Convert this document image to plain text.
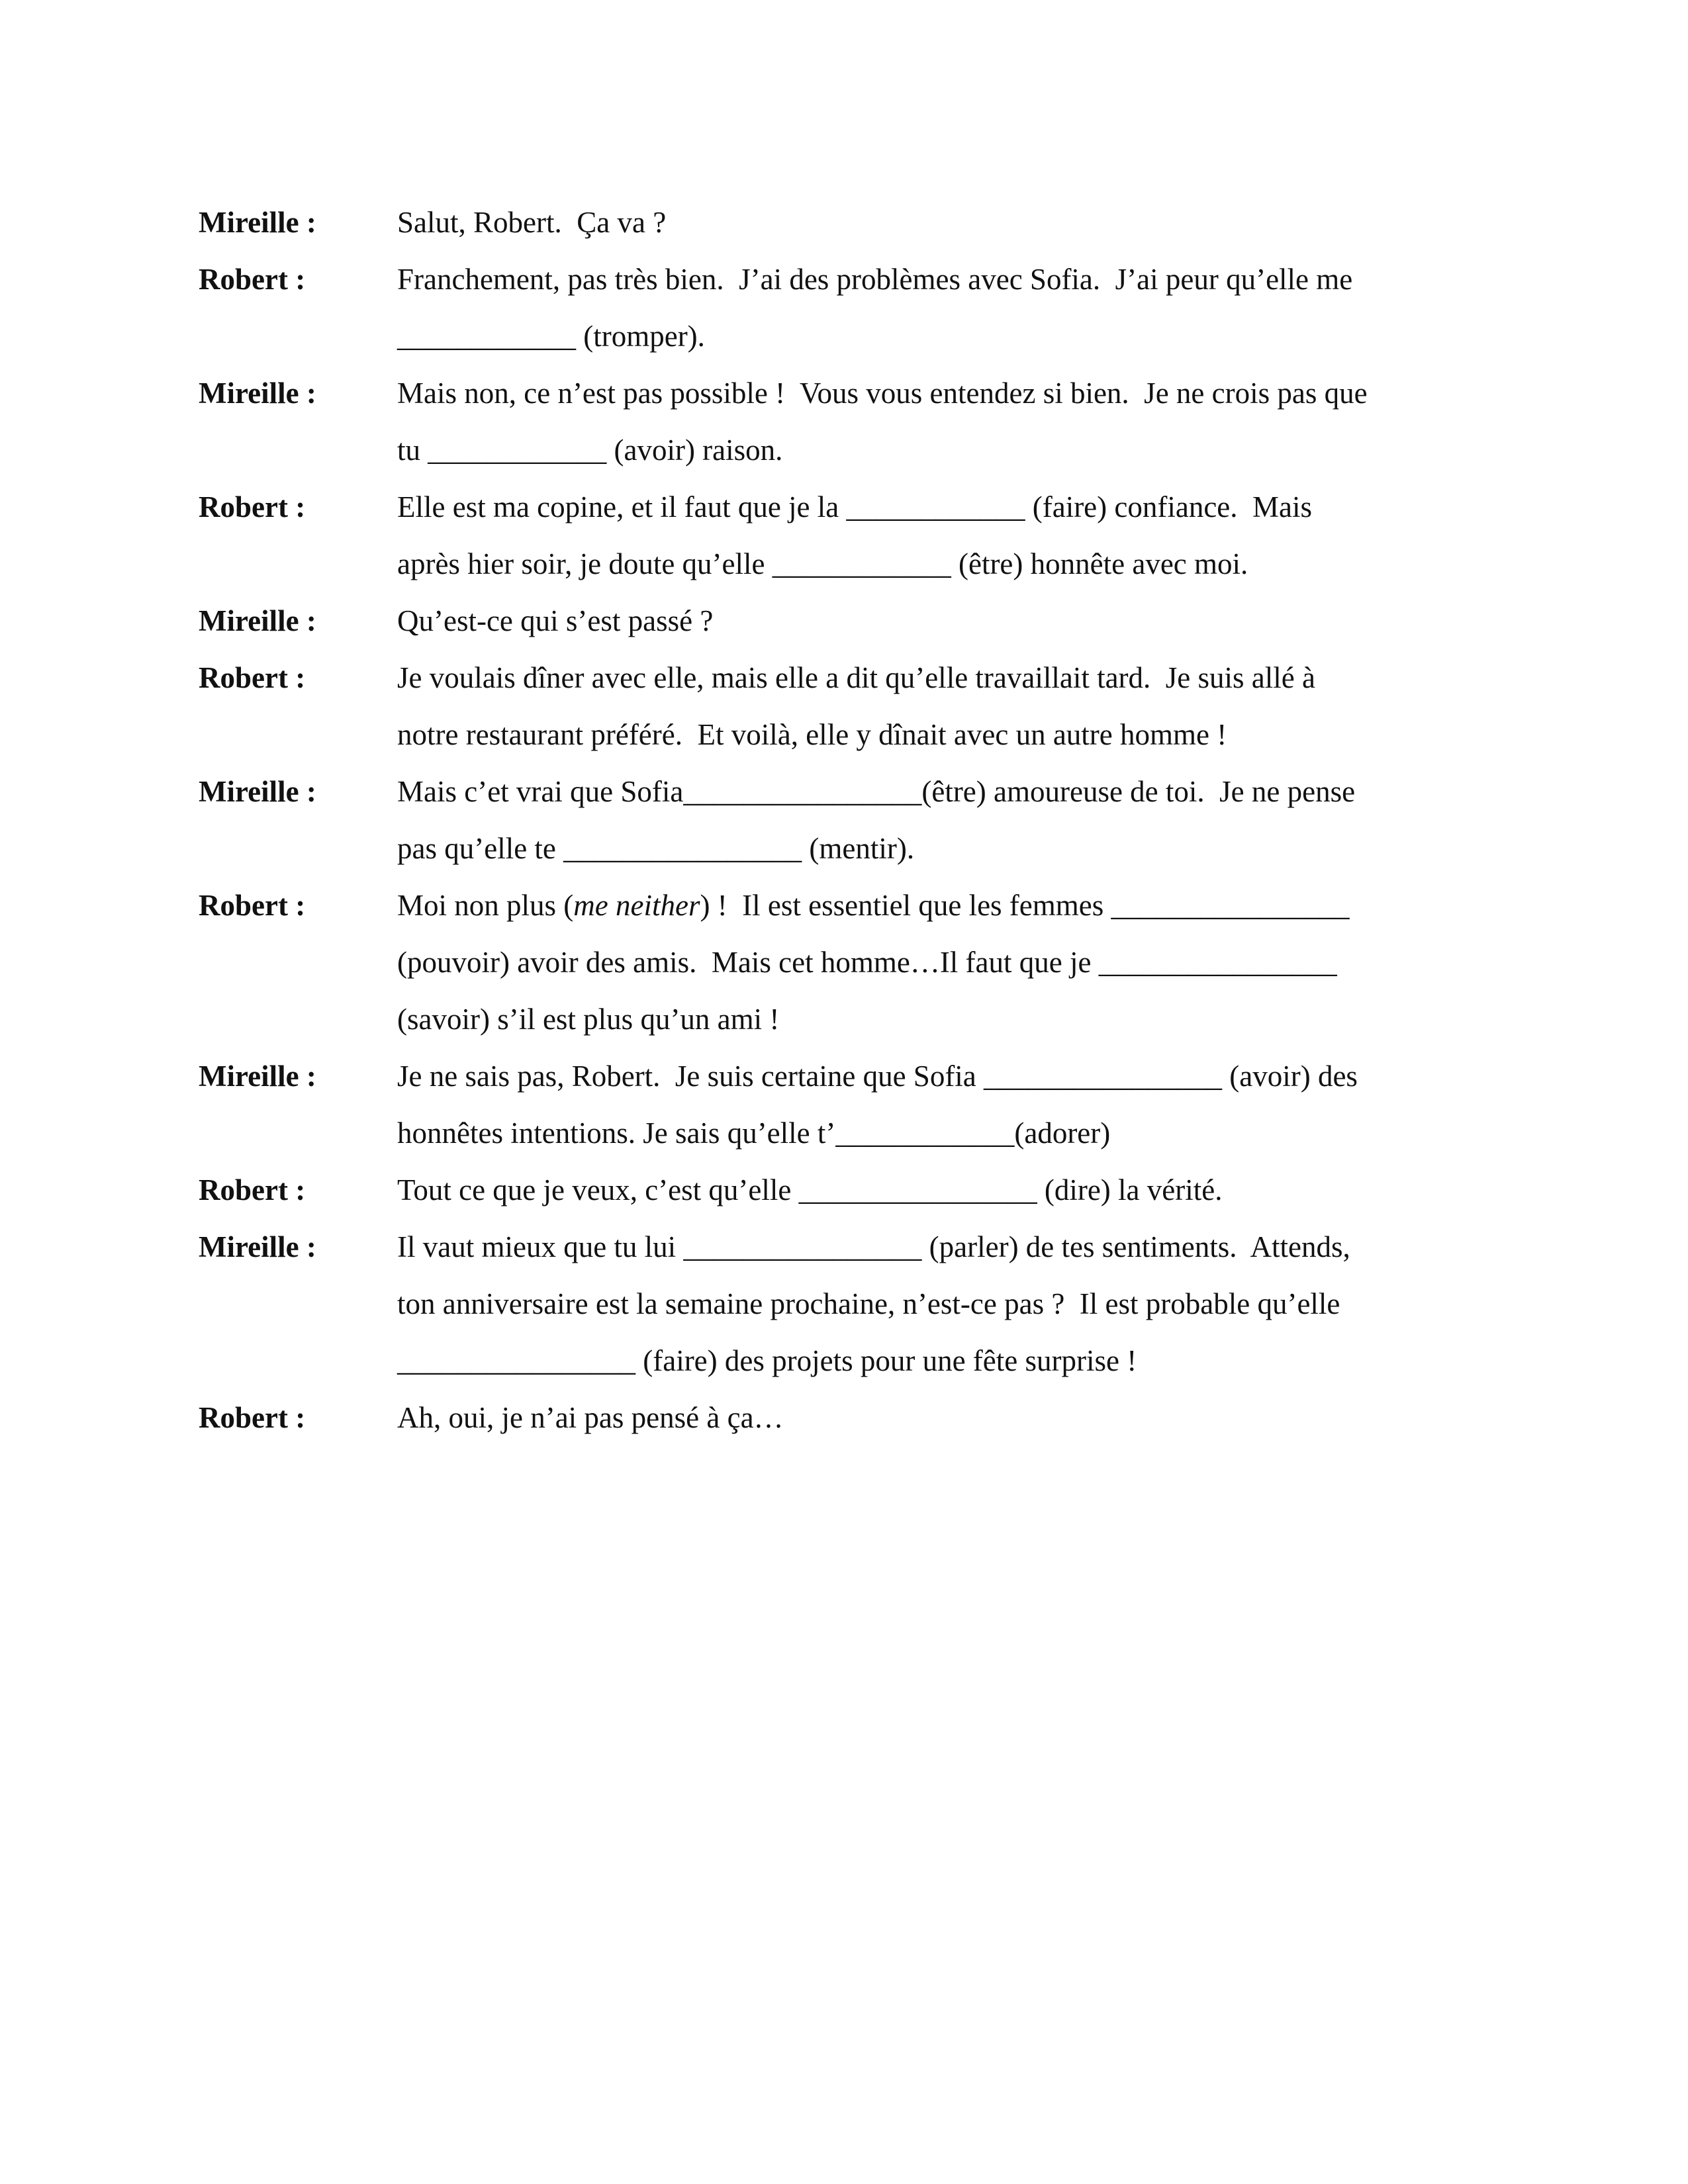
Mireille :	Salut, Robert.  Ça va ?
Robert :	Franchement, pas très bien.  J’ai des problèmes avec Sofia.  J’ai peur qu’elle me
____________ (tromper).
Mireille :	Mais non, ce n’est pas possible !  Vous vous entendez si bien.  Je ne crois pas que
tu ____________ (avoir) raison.
Robert :	Elle est ma copine, et il faut que je la ____________ (faire) confiance.  Mais
après hier soir, je doute qu’elle ____________ (être) honnête avec moi.
Mireille :	Qu’est-ce qui s’est passé ?
Robert :	Je voulais dîner avec elle, mais elle a dit qu’elle travaillait tard.  Je suis allé à
notre restaurant préféré.  Et voilà, elle y dînait avec un autre homme !
Mireille :	Mais c’et vrai que Sofia________________(être) amoureuse de toi.  Je ne pense
pas qu’elle te ________________ (mentir).
Robert :	Moi non plus (me neither) !  Il est essentiel que les femmes ________________
(pouvoir) avoir des amis.  Mais cet homme…Il faut que je ________________
(savoir) s’il est plus qu’un ami !
Mireille :	Je ne sais pas, Robert.  Je suis certaine que Sofia ________________ (avoir) des
honnêtes intentions. Je sais qu’elle t’____________(adorer)
Robert :	Tout ce que je veux, c’est qu’elle ________________ (dire) la vérité.
Mireille :	Il vaut mieux que tu lui ________________ (parler) de tes sentiments.  Attends,
ton anniversaire est la semaine prochaine, n’est-ce pas ?  Il est probable qu’elle
________________ (faire) des projets pour une fête surprise !
Robert :	Ah, oui, je n’ai pas pensé à ça…
